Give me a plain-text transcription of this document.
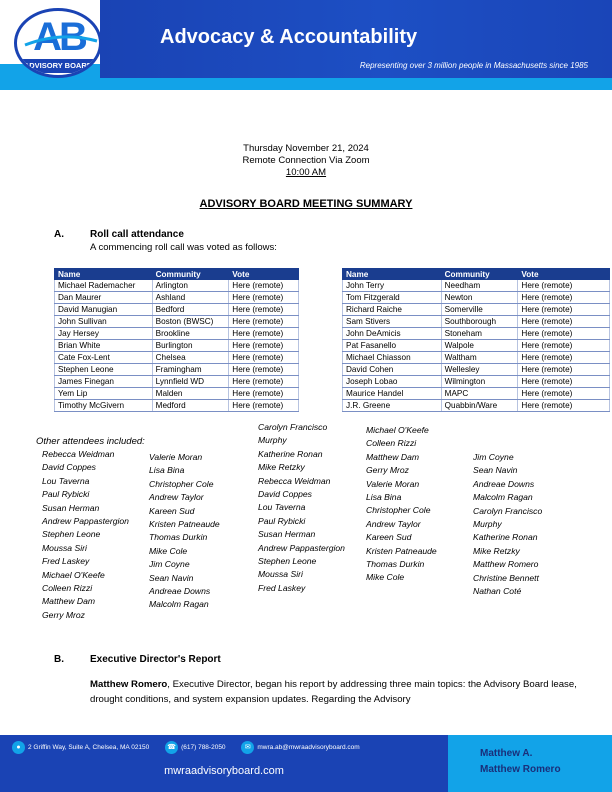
AB
ADVISORY BOARD
Advocacy & Accountability
Representing over 3 million people in Massachusetts since 1985
Thursday November 21, 2024
Remote Connection Via Zoom
10:00 AM
ADVISORY BOARD MEETING SUMMARY
A.	Roll call attendance
A commencing roll call was voted as follows:
Name	Community	Vote
Michael Rademacher	Arlington	Here (remote)
Dan Maurer	Ashland	Here (remote)
David Manugian	Bedford	Here (remote)
John Sullivan	Boston (BWSC)	Here (remote)
Jay Hersey	Brookline	Here (remote)
Brian White	Burlington	Here (remote)
Cate Fox-Lent	Chelsea	Here (remote)
Stephen Leone	Framingham	Here (remote)
James Finegan	Lynnfield WD	Here (remote)
Yem Lip	Malden	Here (remote)
Timothy McGivern	Medford	Here (remote)
Name	Community	Vote
John Terry	Needham	Here (remote)
Tom Fitzgerald	Newton	Here (remote)
Richard Raiche	Somerville	Here (remote)
Sam Stivers	Southborough	Here (remote)
John DeAmicis	Stoneham	Here (remote)
Pat Fasanello	Walpole	Here (remote)
Michael Chiasson	Waltham	Here (remote)
David Cohen	Wellesley	Here (remote)
Joseph Lobao	Wilmington	Here (remote)
Maurice Handel	MAPC	Here (remote)
J.R. Greene	Quabbin/Ware	Here (remote)
Other attendees included:
Rebecca Weidman
David Coppes
Lou Taverna
Paul Rybicki
Susan Herman
Andrew Pappastergion
Stephen Leone
Moussa Siri
Fred Laskey
Michael O'Keefe
Colleen Rizzi
Matthew Dam
Gerry Mroz
Valerie Moran
Lisa Bina
Christopher Cole
Andrew Taylor
Kareen Sud
Kristen Patneaude
Thomas Durkin
Mike Cole
Jim Coyne
Sean Navin
Andreae Downs
Malcolm Ragan
Carolyn Francisco
Murphy
Katherine Ronan
Mike Retzky
Rebecca Weidman
David Coppes
Lou Taverna
Paul Rybicki
Susan Herman
Andrew Pappastergion
Stephen Leone
Moussa Siri
Fred Laskey
Michael O'Keefe
Colleen Rizzi
Matthew Dam
Gerry Mroz
Valerie Moran
Lisa Bina
Christopher Cole
Andrew Taylor
Kareen Sud
Kristen Patneaude
Thomas Durkin
Mike Cole
Jim Coyne
Sean Navin
Andreae Downs
Malcolm Ragan
Carolyn Francisco
Murphy
Katherine Ronan
Mike Retzky
Matthew Romero
Christine Bennett
Nathan Coté
B.	Executive Director's Report
Matthew Romero, Executive Director, began his report by addressing three main topics: the Advisory Board lease, drought conditions, and system expansion updates. Regarding the Advisory
● 2 Griffin Way, Suite A, Chelsea, MA 02150	☎ (617) 788-2050	✉ mwra.ab@mwraadvisoryboard.com
mwraadvisoryboard.com
Matthew A.
Matthew Romero
